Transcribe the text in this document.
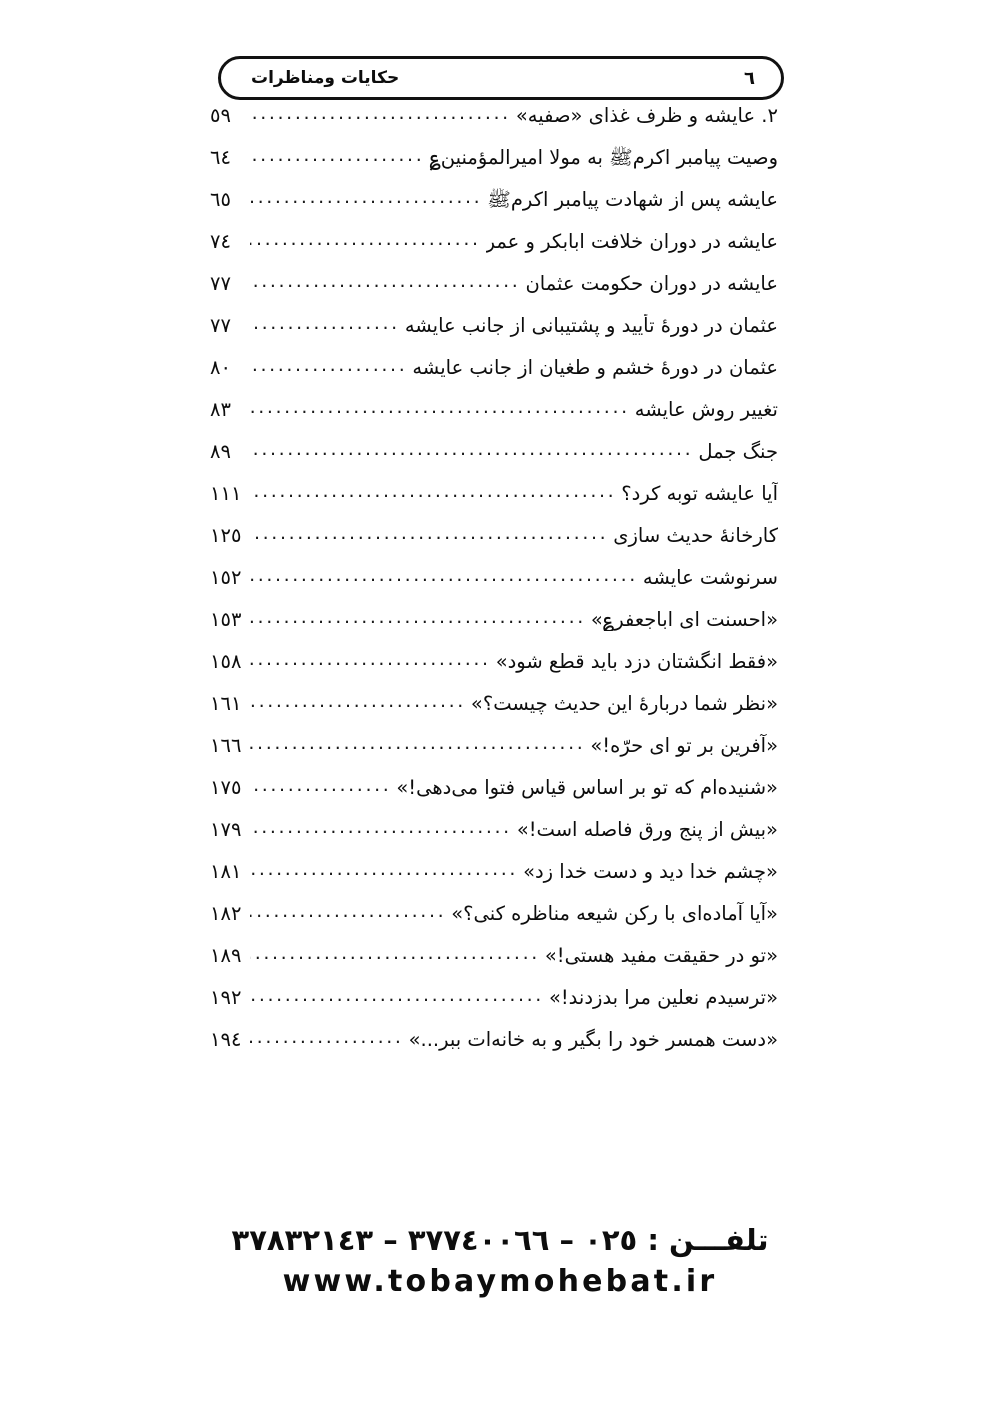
حکایات ومناظرات	٦
٢. عایشه و ظرف غذای «صفیه»
.....
٥٩
وصیت پیامبر اکرمﷺ به مولا امیرالمؤمنین؏
.....
٦٤
عایشه پس از شهادت پیامبر اکرمﷺ
.....
٦٥
عایشه در دوران خلافت ابابکر و عمر
.....
٧٤
عایشه در دوران حکومت عثمان
.....
٧٧
عثمان در دورهٔ تأیید و پشتیبانی از جانب عایشه
.....
٧٧
عثمان در دورهٔ خشم و طغیان از جانب عایشه
.....
٨٠
تغییر روش عایشه
.....
٨٣
جنگ جمل
.....
٨٩
آیا عایشه توبه کرد؟
.....
١١١
کارخانهٔ حدیث سازی
.....
١٢٥
سرنوشت عایشه
.....
١٥٢
«احسنت ای اباجعفر؏»
.....
١٥٣
«فقط انگشتان دزد باید قطع شود»
.....
١٥٨
«نظر شما دربارهٔ این حدیث چیست؟»
.....
١٦١
«آفرین بر تو ای حرّه!»
.....
١٦٦
«شنیده‌ام که تو بر اساس قیاس فتوا می‌دهی!»
.....
١٧٥
«بیش از پنج ورق فاصله است!»
.....
١٧٩
«چشم خدا دید و دست خدا زد»
.....
١٨١
«آیا آماده‌ای با رکن شیعه مناظره کنی؟»
.....
١٨٢
«تو در حقیقت مفید هستی!»
.....
١٨٩
«ترسیدم نعلین مرا بدزدند!»
.....
١٩٢
«دست همسر خود را بگیر و به خانه‌ات ببر...»
.....
١٩٤
تلفـــن : ٠٢٥ – ٣٧٧٤٠٠٦٦ – ٣٧٨٣٢١٤٣
www.tobaymohebat.ir
